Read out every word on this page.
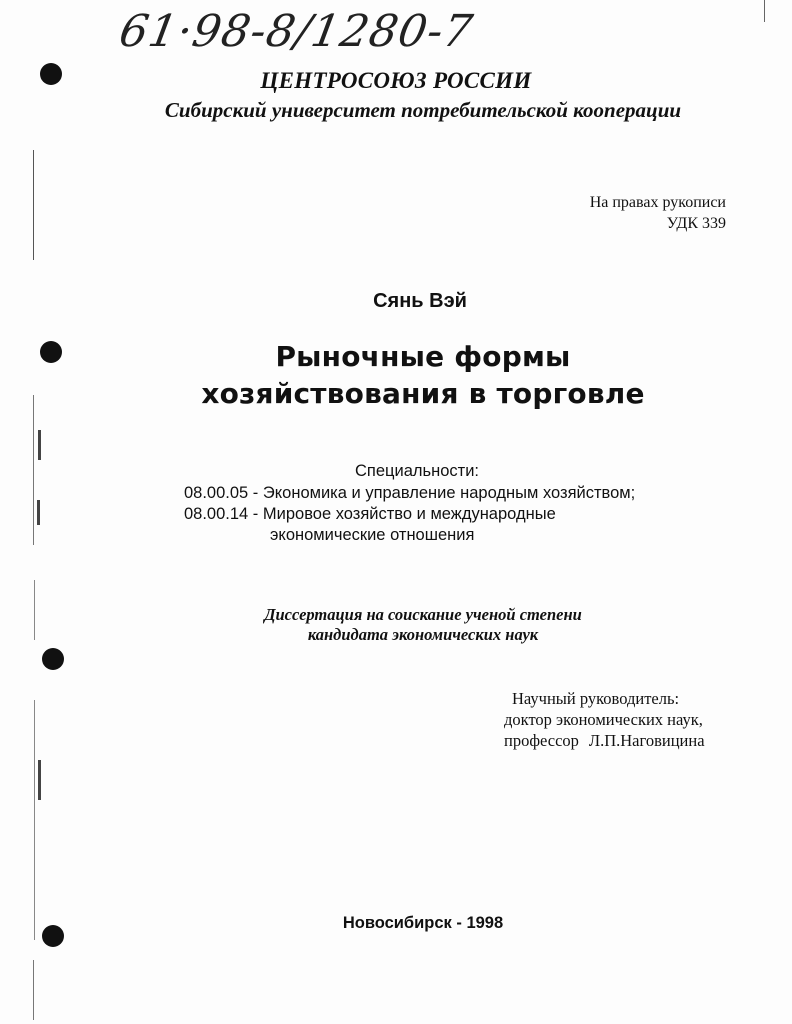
61·98-8/1280-7
ЦЕНТРОСОЮЗ РОССИИ
Сибирский университет потребительской кооперации
На правах рукописи
УДК 339
Сянь Вэй
Рыночные формы
хозяйствования в торговле
Специальности:
08.00.05 - Экономика и управление народным хозяйством;
08.00.14 - Мировое хозяйство и международные
экономические отношения
Диссертация на соискание ученой степени
кандидата экономических наук
Научный руководитель:
доктор экономических наук,
профессор Л.П.Наговицина
Новосибирск - 1998
